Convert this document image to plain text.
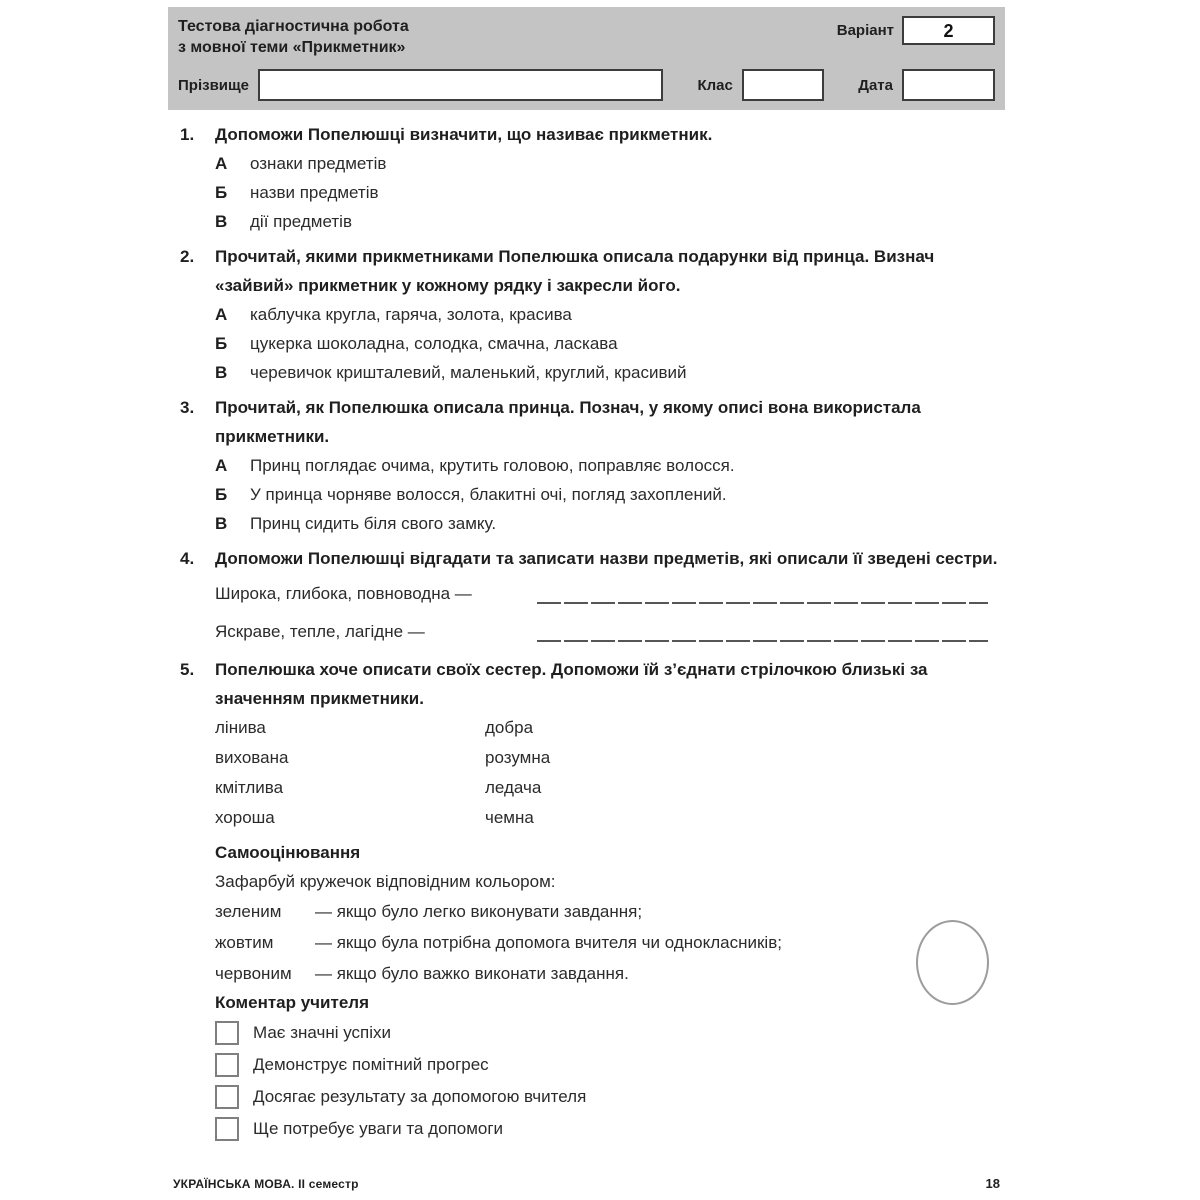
Тестова діагностична робота
з мовної теми «Прикметник»
Варіант	2
Прізвище	Клас	Дата
1.	Допоможи Попелюшці визначити, що називає прикметник.

А	ознаки предметів
Б	назви предметів
В	дії предметів
2.	Прочитай, якими прикметниками Попелюшка описала подарунки від принца. Визнач «зайвий» прикметник у кожному рядку і закресли його.

А	каблучка кругла, гаряча, золота, красива
Б	цукерка шоколадна, солодка, смачна, ласкава
В	черевичок кришталевий, маленький, круглий, красивий
3.	Прочитай, як Попелюшка описала принца. Познач, у якому описі вона використала прикметники.

А	Принц поглядає очима, крутить головою, поправляє волосся.
Б	У принца чорняве волосся, блакитні очі, погляд захоплений.
В	Принц сидить біля свого замку.
4.	Допоможи Попелюшці відгадати та записати назви предметів, які описали її зведені сестри.

Широка, глибока, повноводна —
Яскраве, тепле, лагідне —
5.	Попелюшка хоче описати своїх сестер. Допоможи їй з’єднати стрілочкою близькі за значенням прикметники.

лінива	добра
вихована	розумна
кмітлива	ледача
хороша	чемна
Самооцінювання

Зафарбуй кружечок відповідним кольором:

зеленим	— якщо було легко виконувати завдання;
жовтим	— якщо була потрібна допомога вчителя чи однокласників;
червоним	— якщо було важко виконати завдання.
Коментар учителя
Має значні успіхи
Демонструє помітний прогрес
Досягає результату за допомогою вчителя
Ще потребує уваги та допомоги
УКРАЇНСЬКА МОВА. ІІ семестр	18
